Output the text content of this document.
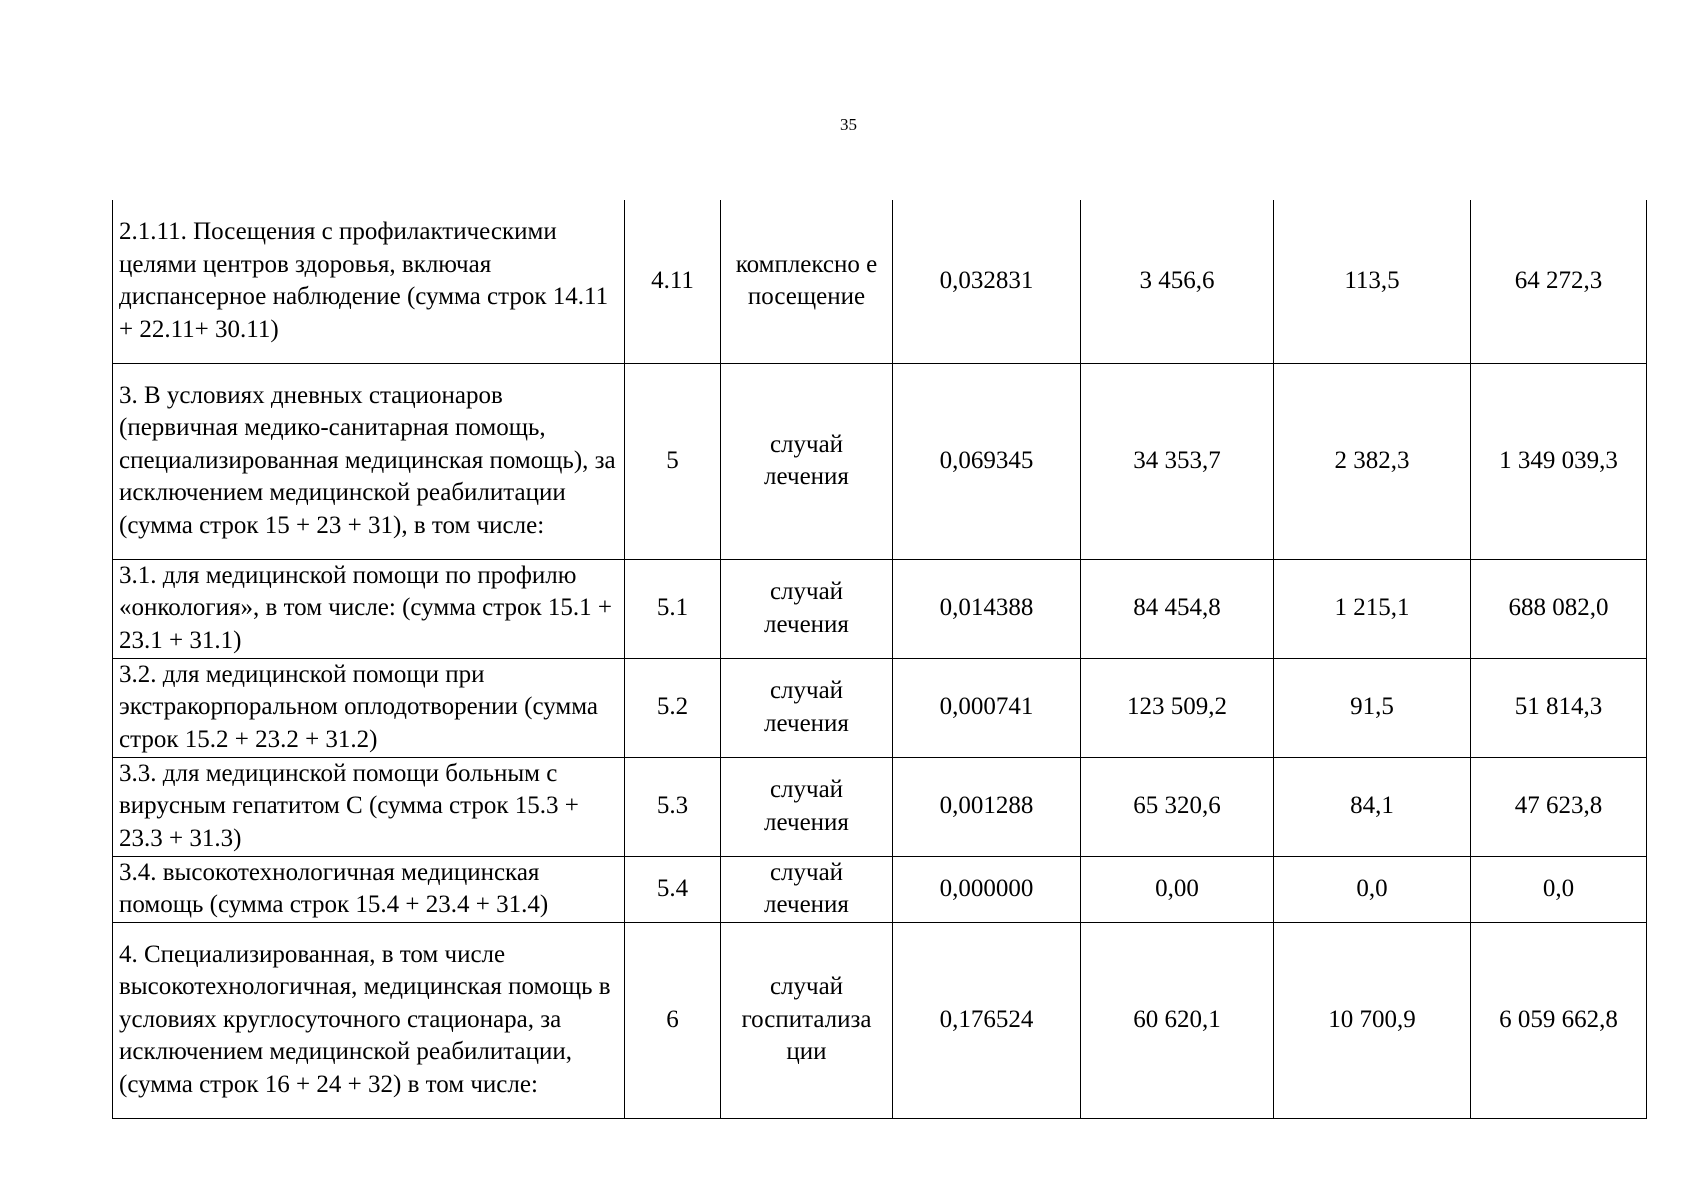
35
2.1.11. Посещения с профилактическими целями центров здоровья, включая диспансерное наблюдение (сумма строк 14.11 + 22.11+ 30.11)	4.11	комплексно е посещение	0,032831	3 456,6	113,5	64 272,3
3. В условиях дневных стационаров (первичная медико-санитарная помощь, специализированная медицинская помощь), за исключением медицинской реабилитации (сумма строк 15 + 23 + 31), в том числе:	5	случай лечения	0,069345	34 353,7	2 382,3	1 349 039,3
3.1. для медицинской помощи по профилю «онкология», в том числе: (сумма строк 15.1 + 23.1 + 31.1)	5.1	случай лечения	0,014388	84 454,8	1 215,1	688 082,0
3.2. для медицинской помощи при экстракорпоральном оплодотворении (сумма строк 15.2 + 23.2 + 31.2)	5.2	случай лечения	0,000741	123 509,2	91,5	51 814,3
3.3. для медицинской помощи больным с вирусным гепатитом С (сумма строк 15.3 + 23.3 + 31.3)	5.3	случай лечения	0,001288	65 320,6	84,1	47 623,8
3.4. высокотехнологичная медицинская помощь (сумма строк 15.4 + 23.4 + 31.4)	5.4	случай лечения	0,000000	0,00	0,0	0,0
4. Специализированная, в том числе высокотехнологичная, медицинская помощь в условиях круглосуточного стационара, за исключением медицинской реабилитации, (сумма строк 16 + 24 + 32) в том числе:	6	случай госпитализа ции	0,176524	60 620,1	10 700,9	6 059 662,8
